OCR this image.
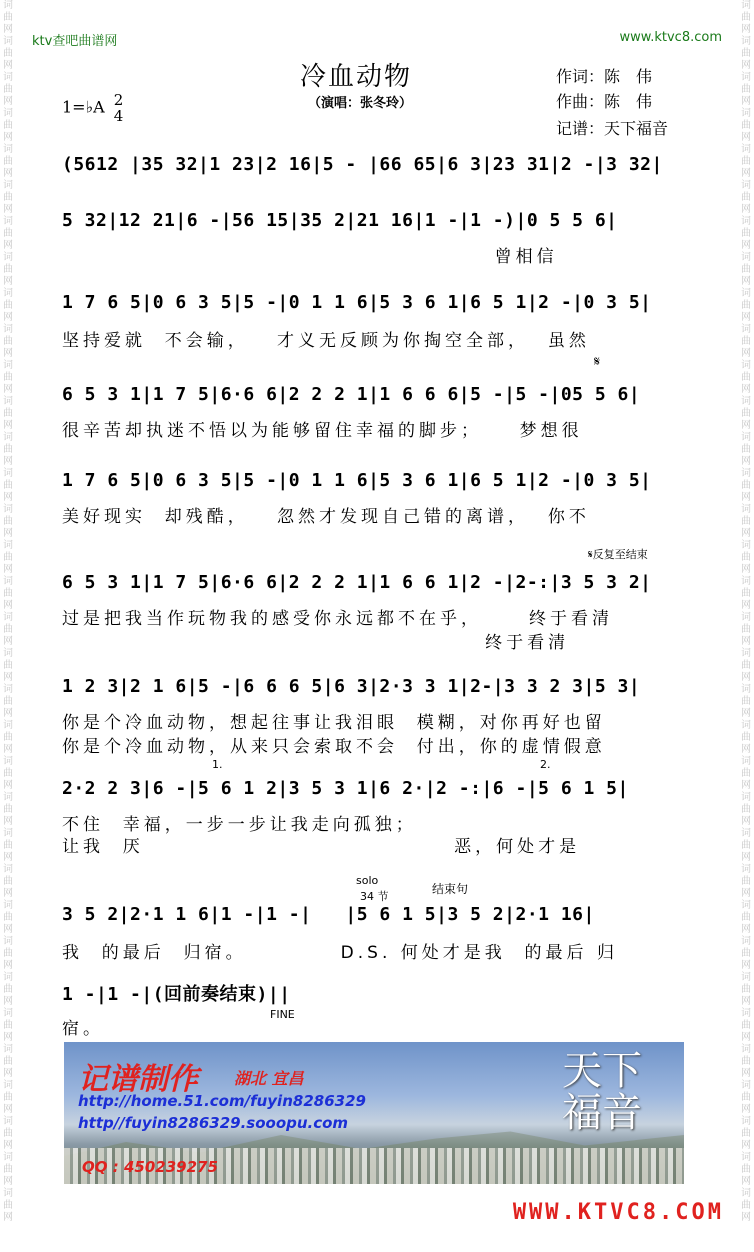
词曲网词曲网词曲网词曲网词曲网词曲网词曲网词曲网词曲网词曲网词曲网词曲网词曲网词曲网词曲网词曲网词曲网词曲网词曲网词曲网词曲网词曲网词曲网词曲网词曲网词曲网词曲网词曲网词曲网词曲网词曲网词曲网词曲网词曲网
词曲网词曲网词曲网词曲网词曲网词曲网词曲网词曲网词曲网词曲网词曲网词曲网词曲网词曲网词曲网词曲网词曲网词曲网词曲网词曲网词曲网词曲网词曲网词曲网词曲网词曲网词曲网词曲网词曲网词曲网词曲网词曲网词曲网词曲网
ktv查吧曲谱网	www.ktvc8.com
冷血动物
（演唱：张冬玲）
作词：陈　伟
作曲：陈　伟
记谱：天下福音
1=♭A 2
4
(5612 |35 32|1 23|2 16|5 - |66 65|6 3|23 31|2 -|3 32|
5 32|12 21|6 -|56 15|35 2|21 16|1 -|1 -)|0 5 5 6|
曾相信
1 7 6 5|0 6 3 5|5 -|0 1 1 6|5 3 6 1|6 5 1|2 -|0 3 5|
坚持爱就  不会输，   才义无反顾为你掏空全部，  虽然
𝄋
6 5 3 1|1 7 5|6·6 6|2 2 2 1|1 6 6 6|5 -|5 -|05 5 6|
很辛苦却执迷不悟以为能够留住幸福的脚步；    梦想很
1 7 6 5|0 6 3 5|5 -|0 1 1 6|5 3 6 1|6 5 1|2 -|0 3 5|
美好现实  却残酷，   忽然才发现自己错的离谱，  你不
𝄋反复至结束
6 5 3 1|1 7 5|6·6 6|2 2 2 1|1 6 6 1|2 -|2-:|3 5 3 2|
过是把我当作玩物我的感受你永远都不在乎，     终于看清
终于看清
1 2 3|2 1 6|5 -|6 6 6 5|6 3|2·3 3 1|2-|3 3 2 3|5 3|
你是个冷血动物，想起往事让我泪眼  模糊，对你再好也留
你是个冷血动物，从来只会索取不会  付出，你的虚情假意
1.	2.
2·2 2 3|6 -|5 6 1 2|3 5 3 1|6 2·|2 -:|6 -|5 6 1 5|
不住  幸福，一步一步让我走向孤独；
让我  厌                                 恶，何处才是
solo
34 节
结束句
3 5 2|2·1 1 6|1 -|1 -|   |5 6 1 5|3 5 2|2·1 16|
我  的最后  归宿。          D.S. 何处才是我  的最后 归
1 -|1 -|(回前奏结束)||
FINE
宿。
记谱制作 湖北 宜昌
http://home.51.com/fuyin8286329
http//fuyin8286329.sooopu.com
QQ : 450239275
天下
福音
WWW.KTVC8.COM
